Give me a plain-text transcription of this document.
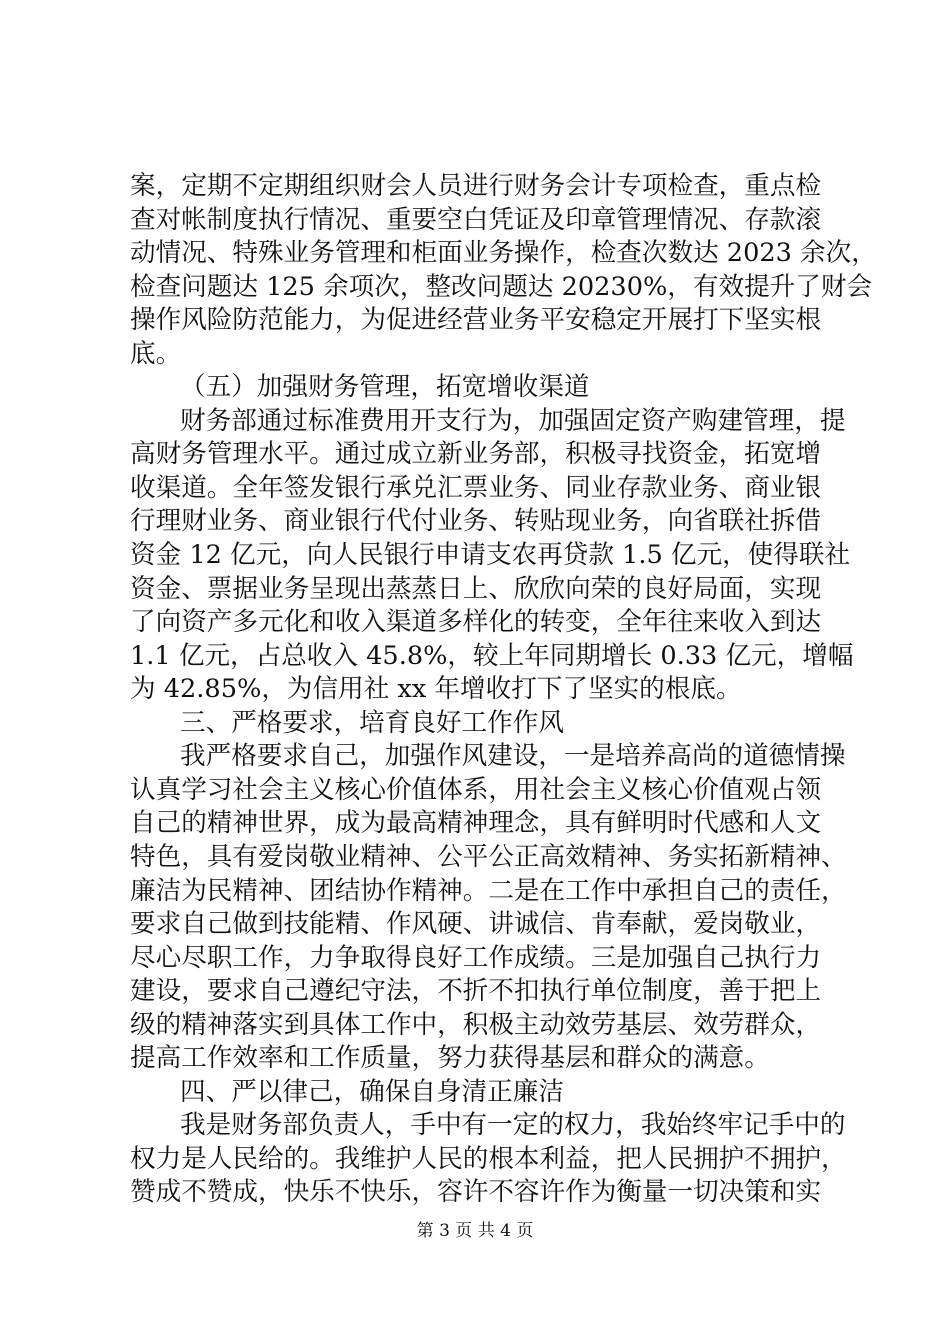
案，定期不定期组织财会人员进行财务会计专项检查，重点检
查对帐制度执行情况、重要空白凭证及印章管理情况、存款滚
动情况、特殊业务管理和柜面业务操作，检查次数达 2023 余次，
检查问题达 125 余项次，整改问题达 20230%，有效提升了财会
操作风险防范能力，为促进经营业务平安稳定开展打下坚实根
底。
（五）加强财务管理，拓宽增收渠道
财务部通过标准费用开支行为，加强固定资产购建管理，提
高财务管理水平。通过成立新业务部，积极寻找资金，拓宽增
收渠道。全年签发银行承兑汇票业务、同业存款业务、商业银
行理财业务、商业银行代付业务、转贴现业务，向省联社拆借
资金 12 亿元，向人民银行申请支农再贷款 1.5 亿元，使得联社
资金、票据业务呈现出蒸蒸日上、欣欣向荣的良好局面，实现
了向资产多元化和收入渠道多样化的转变，全年往来收入到达
1.1 亿元，占总收入 45.8%，较上年同期增长 0.33 亿元，增幅
为 42.85%，为信用社 xx 年增收打下了坚实的根底。
三、严格要求，培育良好工作作风
我严格要求自己，加强作风建设，一是培养高尚的道德情操
认真学习社会主义核心价值体系，用社会主义核心价值观占领
自己的精神世界，成为最高精神理念，具有鲜明时代感和人文
特色，具有爱岗敬业精神、公平公正高效精神、务实拓新精神、
廉洁为民精神、团结协作精神。二是在工作中承担自己的责任，
要求自己做到技能精、作风硬、讲诚信、肯奉献，爱岗敬业，
尽心尽职工作，力争取得良好工作成绩。三是加强自己执行力
建设，要求自己遵纪守法，不折不扣执行单位制度，善于把上
级的精神落实到具体工作中，积极主动效劳基层、效劳群众，
提高工作效率和工作质量，努力获得基层和群众的满意。
四、严以律己，确保自身清正廉洁
我是财务部负责人，手中有一定的权力，我始终牢记手中的
权力是人民给的。我维护人民的根本利益，把人民拥护不拥护，
赞成不赞成，快乐不快乐，容许不容许作为衡量一切决策和实
第 3 页 共 4 页
